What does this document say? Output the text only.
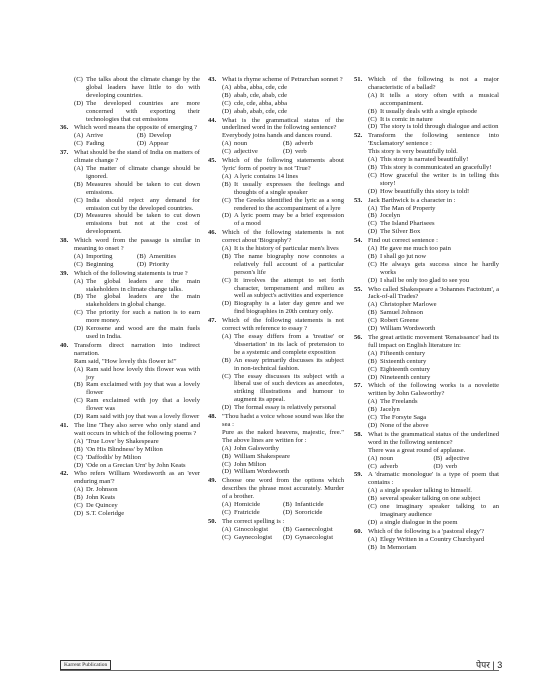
(C) The talks about the climate change by the global leaders have little to do with developing countries.
(D) The developed countries are more concerned with exporting their technologies that cut emissions
36. Which word means the opposite of emerging ?
(A) Arrive	(B) Develop
(C) Fading	(D) Appear
37. What should be the stand of India on matters of climate change ?
(A) The matter of climate change should be ignored.
(B) Measures should be taken to cut down emissions.
(C) India should reject any demand for emission cut by the developed countries.
(D) Measures should be taken to cut down emissions but not at the cost of development.
38. Which word from the passage is similar in meaning to onset ?
(A) Importing	(B) Amenities
(C) Beginning	(D) Priority
39. Which of the following statements is true ?
(A) The global leaders are the main stakeholders in climate change talks.
(B) The global leaders are the main stakeholders in global change.
(C) The priority for such a nation is to earn more money.
(D) Kerosene and wood are the main fuels used in India.
40. Transform direct narration into indirect narration.
Ram said, "How lovely this flower is!"
(A) Ram said how lovely this flower was with joy
(B) Ram exclaimed with joy that was a lovely flower
(C) Ram exclaimed with joy that a lovely flower was
(D) Ram said with joy that was a lovely flower
41. The line 'They also serve who only stand and wait occurs in which of the following poems ?
(A) 'True Love' by Shakespeare
(B) 'On His Blindness' by Milton
(C) 'Daffodils' by Milton
(D) 'Ode on a Grecian Urn' by John Keats
42. Who refers William Wordsworth as an 'ever enduring man'?
(A) Dr. Johnson
(B) John Keats
(C) De Quincey
(D) S.T. Coleridge
43. What is rhyme scheme of Petrarchan sonnet ?
(A) abba, abba, cde, cde
(B) abab, cde, abab, cde
(C) cde, cde, abba, abba
(D) abab, abab, cde, cde
44. What is the grammatical status of the underlined word in the following sentence?
Everybody joins hands and dances round.
(A) noun	(B) adverb
(C) adjective	(D) verb
45. Which of the following statements about 'lyric' form of poetry is not 'True?
(A) A lyric contains 14 lines
(B) It usually expresses the feelings and thoughts of a single speaker
(C) The Greeks identified the lyric as a song rendered to the accompaniment of a lyre
(D) A lyric poem may be a brief expression of a mood
46. Which of the following statements is not correct about 'Biography'?
(A) It is the history of particular men's lives
(B) The name biography now connotes a relatively full account of a particular person's life
(C) It involves the attempt to set forth character, temperament and milieu as well as subject's activities and experience
(D) Biography is a later day genre and we find biographies in 20th century only.
47. Which of the following statements is not correct with reference to essay ?
(A) The essay differs from a 'treatise' or 'dissertation' in its lack of pretension to be a systemic and complete exposition
(B) An essay primarily discusses its subject in non-technical fashion.
(C) The essay discusses its subject with a liberal use of such devices as anecdotes, striking illustrations and humour to augment its appeal.
(D) The formal essay is relatively personal
48. "Thou hadst a voice whose sound was like the sea :
Pure as the naked heavens, majestic, free." The above lines are written for :
(A) John Galsworthy
(B) William Shakespeare
(C) John Milton
(D) William Wordsworth
49. Choose one word from the options which describes the phrase most accurately. Murder of a brother.
(A) Homicide	(B) Infanticide
(C) Fratricide	(D) Sororicide
50. The correct spelling is :
(A) Ginocologist	(B) Gaenecologist
(C) Gaynecologist	(D) Gynaecologist
51. Which of the following is not a major characteristic of a ballad?
(A) It tells a story often with a musical accompaniment.
(B) It usually deals with a single episode
(C) It is comic in nature
(D) The story is told through dialogue and action
52. Transform the following sentence into 'Exclamatory' sentence :
This story is very beautifully told.
(A) This story is narrated beautifully!
(B) This story is communicated an gracefully!
(C) How graceful the writer is in telling this story!
(D) How beautifully this story is told!
53. Jack Barthwick is a character in :
(A) The Man of Property
(B) Jocelyn
(C) The Island Pharisees
(D) The Silver Box
54. Find out correct sentence :
(A) He gave me much too pain
(B) I shall go jut now
(C) He always gets success since he hardly works
(D) I shall be only too glad to see you
55. Who called Shakespeare a 'Johannes Factotum', a Jack-of-all Trades?
(A) Christopher Marlowe
(B) Samuel Johnson
(C) Robert Greene
(D) William Wordsworth
56. The great artistic movement 'Renaissance' had its full impact on English literature in:
(A) Fifteenth century
(B) Sixteenth century
(C) Eighteenth century
(D) Nineteenth century
57. Which of the following works is a novelette written by John Galsworthy?
(A) The Freelands
(B) Jacelyn
(C) The Forsyte Saga
(D) None of the above
58. What is the grammatical status of the underlined word in the following sentence?
There was a great round of applause.
(A) noun	(B) adjective
(C) adverb	(D) verb
59. A 'dramatic monologue' is a type of poem that contains :
(A) a single speaker talking to himself.
(B) several speaker talking on one subject
(C) one imaginary speaker talking to an imaginary audience
(D) a single dialogue in the poem
60. Which of the following is a 'pastoral elegy'?
(A) Elegy Written in a Country Churchyard
(B) In Memoriam
Karrent Publication	पेपर | 3
